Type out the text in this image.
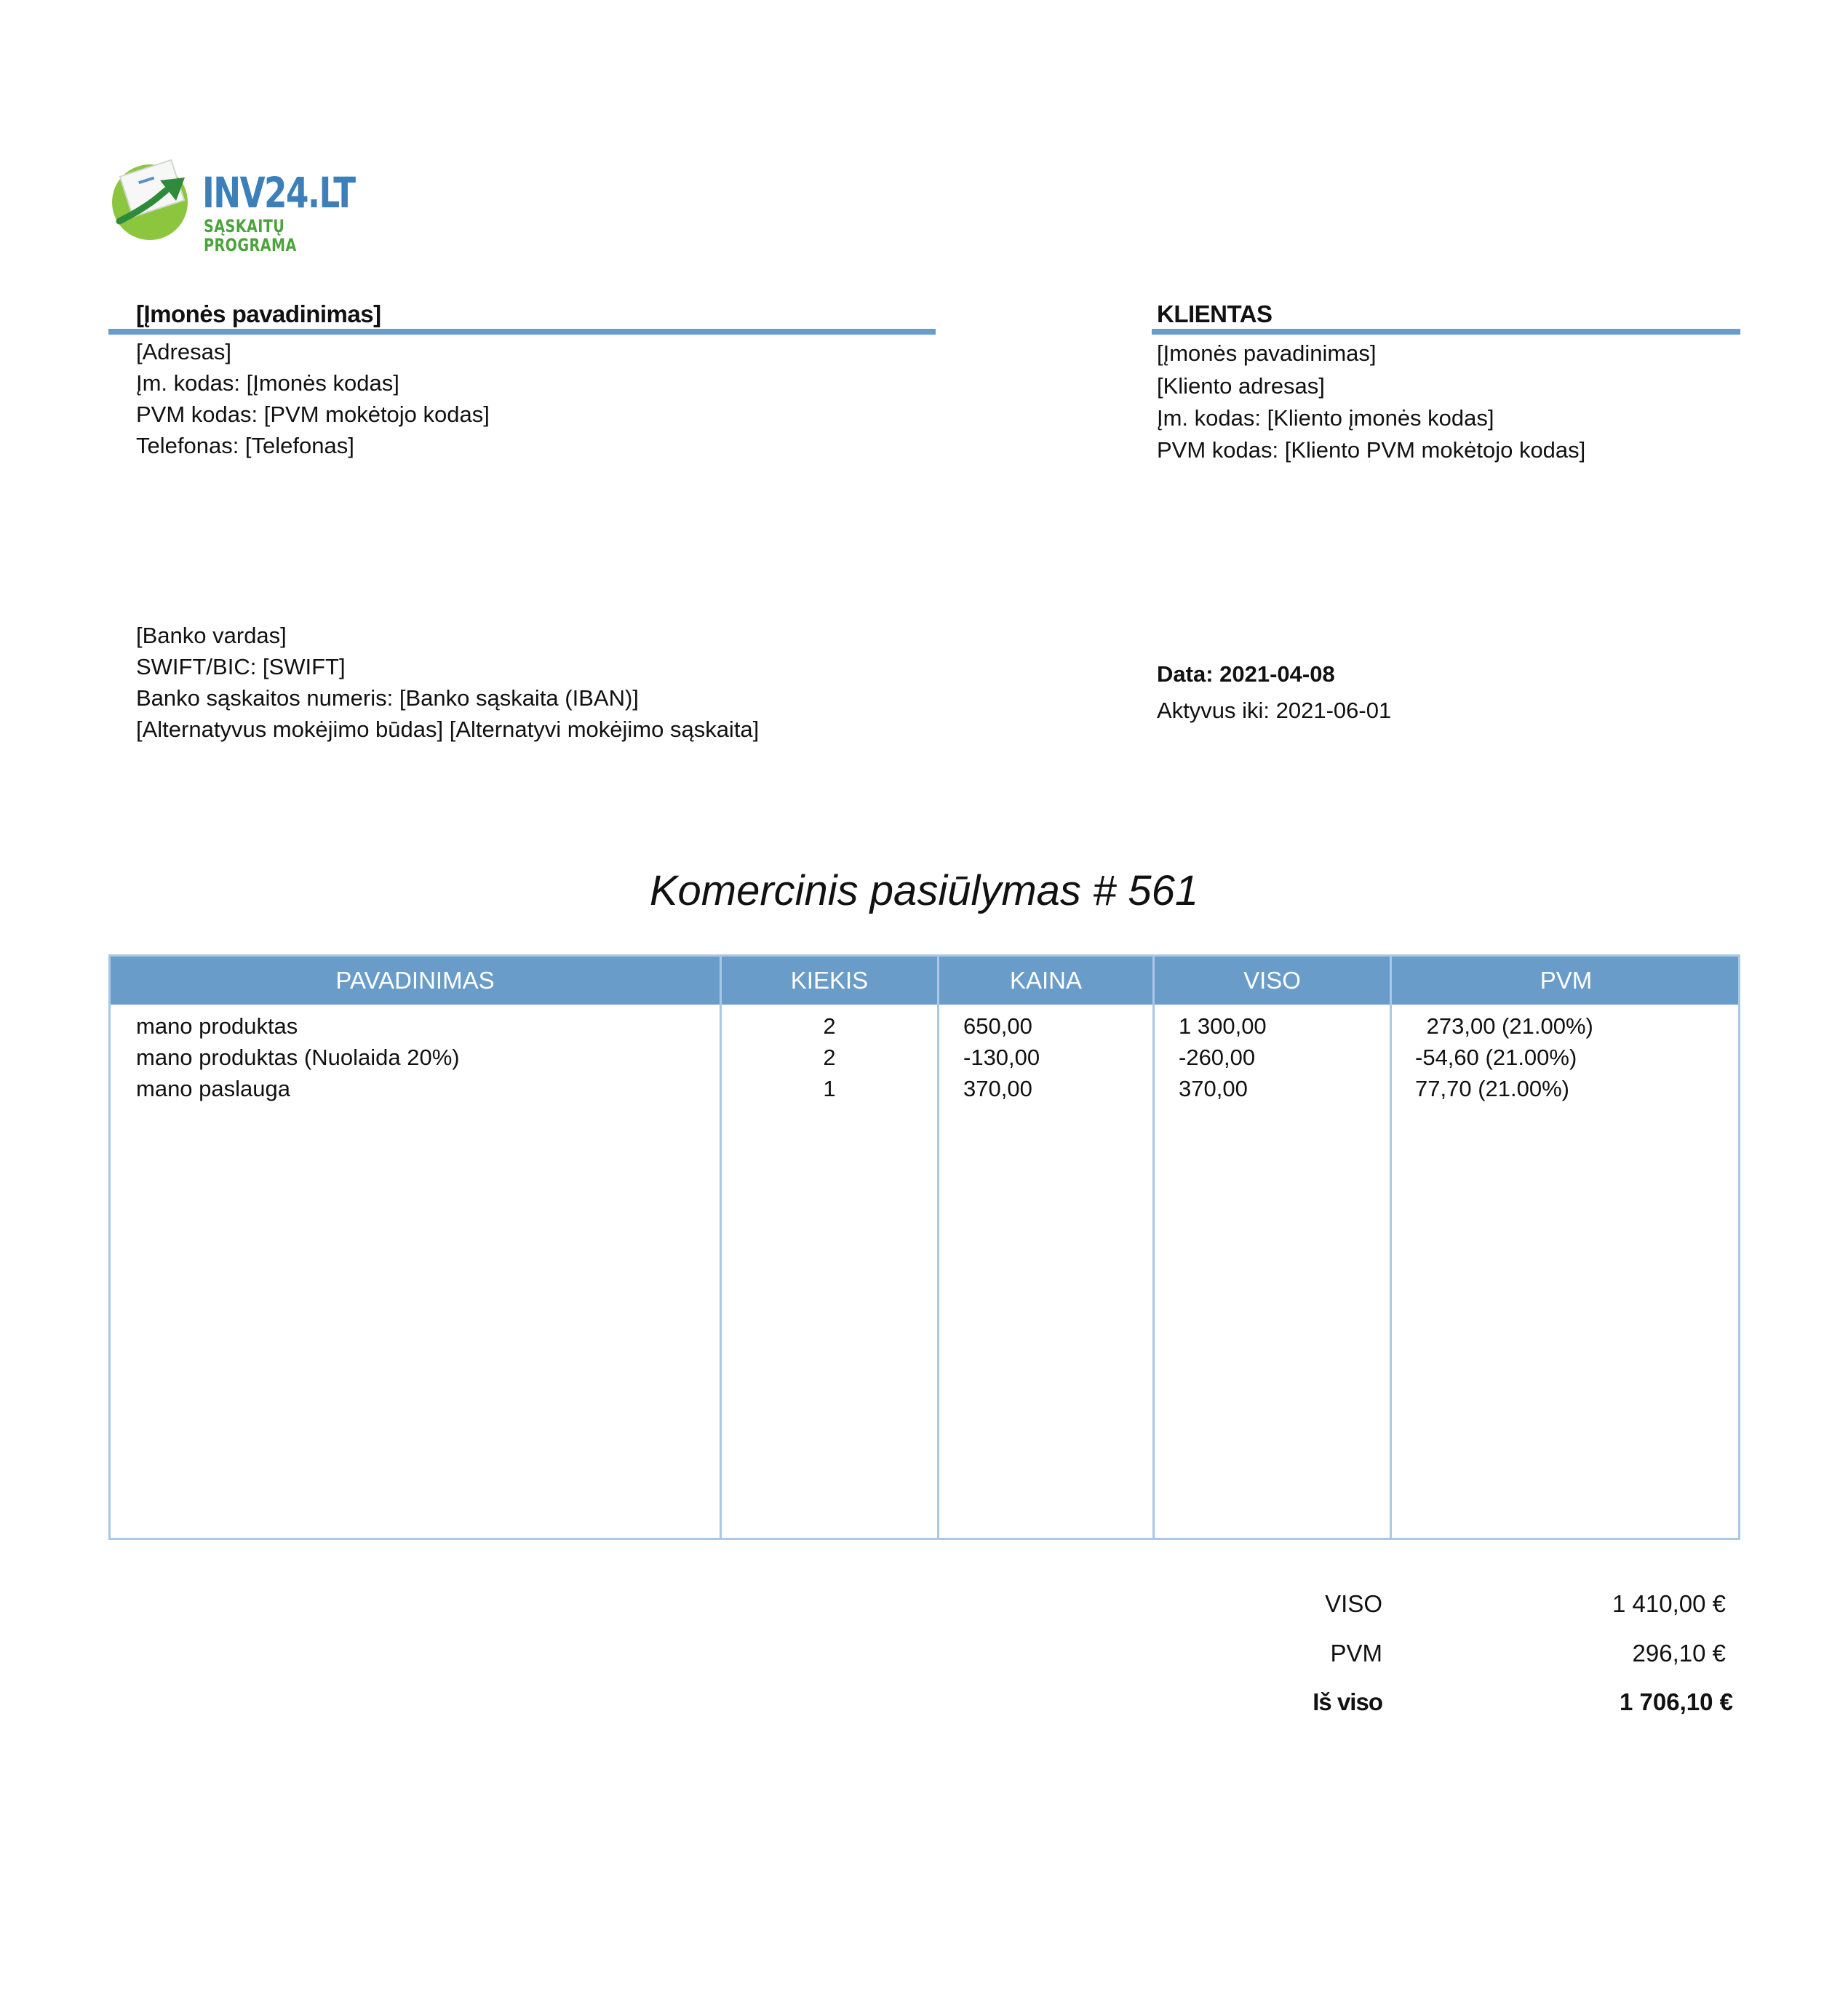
INV24.LT
SĄSKAITŲ PROGRAMA
[Įmonės pavadinimas]
[Adresas]
Įm. kodas: [Įmonės kodas]
PVM kodas: [PVM mokėtojo kodas]
Telefonas: [Telefonas]
KLIENTAS
[Įmonės pavadinimas]
[Kliento adresas]
Įm. kodas: [Kliento įmonės kodas]
PVM kodas: [Kliento PVM mokėtojo kodas]
[Banko vardas]
SWIFT/BIC: [SWIFT]
Banko sąskaitos numeris: [Banko sąskaita (IBAN)]
[Alternatyvus mokėjimo būdas] [Alternatyvi mokėjimo sąskaita]
Data: 2021-04-08
Aktyvus iki: 2021-06-01
Komercinis pasiūlymas # 561
PAVADINIMAS	KIEKIS	KAINA	VISO	PVM
mano produktas	2	650,00	1 300,00	273,00 (21.00%)
mano produktas (Nuolaida 20%)	2	-130,00	-260,00	-54,60 (21.00%)
mano paslauga	1	370,00	370,00	77,70 (21.00%)
VISO	1 410,00 €
PVM	296,10 €
Iš viso	1 706,10 €
